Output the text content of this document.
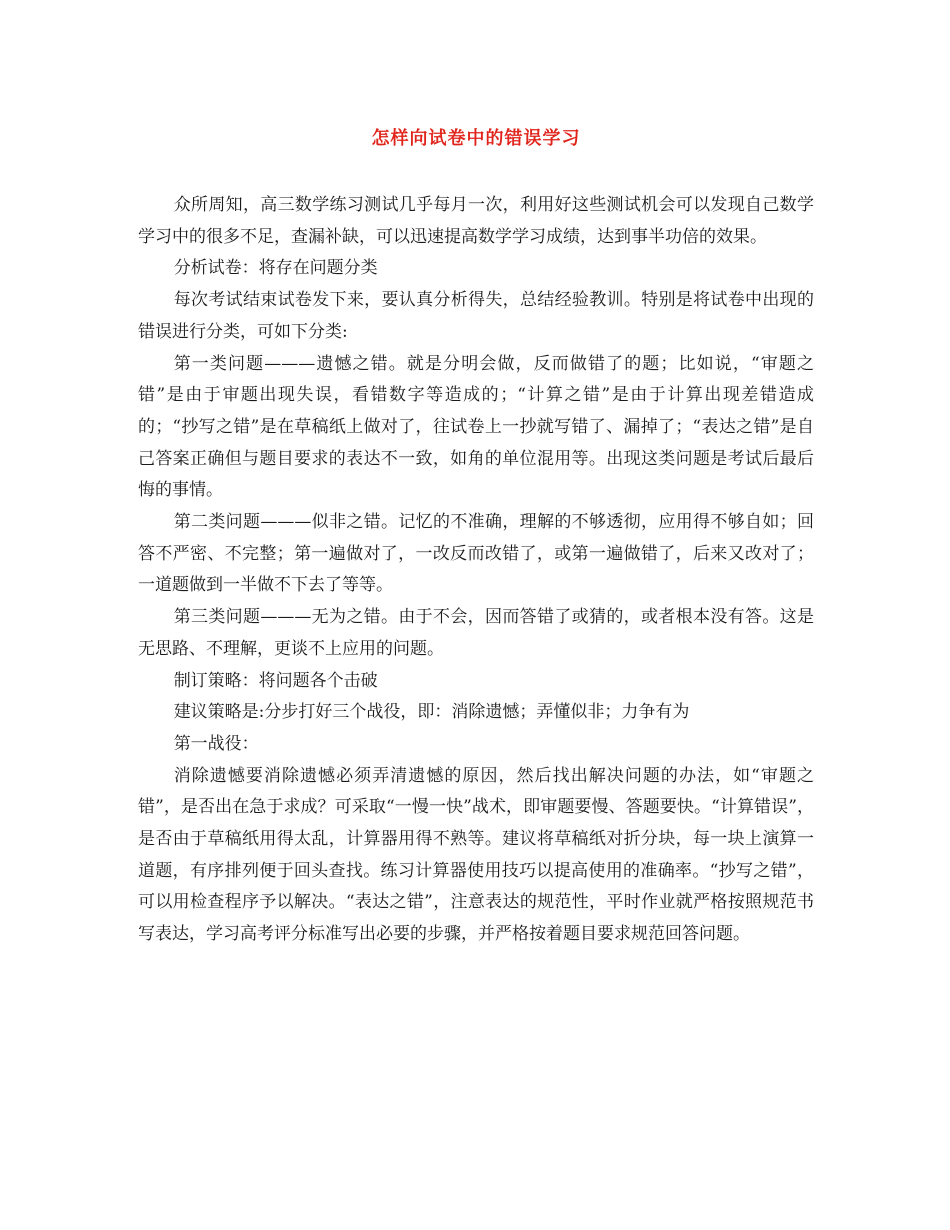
怎样向试卷中的错误学习

众所周知，高三数学练习测试几乎每月一次，利用好这些测试机会可以发现自己数学学习中的很多不足，查漏补缺，可以迅速提高数学学习成绩，达到事半功倍的效果。

分析试卷：将存在问题分类

每次考试结束试卷发下来，要认真分析得失，总结经验教训。特别是将试卷中出现的错误进行分类，可如下分类:

第一类问题———遗憾之错。就是分明会做，反而做错了的题；比如说，“审题之错”是由于审题出现失误，看错数字等造成的；“计算之错”是由于计算出现差错造成的；“抄写之错”是在草稿纸上做对了，往试卷上一抄就写错了、漏掉了；“表达之错”是自己答案正确但与题目要求的表达不一致，如角的单位混用等。出现这类问题是考试后最后悔的事情。

第二类问题———似非之错。记忆的不准确，理解的不够透彻，应用得不够自如；回答不严密、不完整；第一遍做对了，一改反而改错了，或第一遍做错了，后来又改对了；一道题做到一半做不下去了等等。

第三类问题———无为之错。由于不会，因而答错了或猜的，或者根本没有答。这是无思路、不理解，更谈不上应用的问题。

制订策略：将问题各个击破

建议策略是:分步打好三个战役，即：消除遗憾；弄懂似非；力争有为

第一战役：

消除遗憾要消除遗憾必须弄清遗憾的原因，然后找出解决问题的办法，如“审题之错”，是否出在急于求成？可采取“一慢一快”战术，即审题要慢、答题要快。“计算错误”，是否由于草稿纸用得太乱，计算器用得不熟等。建议将草稿纸对折分块，每一块上演算一道题，有序排列便于回头查找。练习计算器使用技巧以提高使用的准确率。“抄写之错”，可以用检查程序予以解决。“表达之错”，注意表达的规范性，平时作业就严格按照规范书写表达，学习高考评分标准写出必要的步骤，并严格按着题目要求规范回答问题。
